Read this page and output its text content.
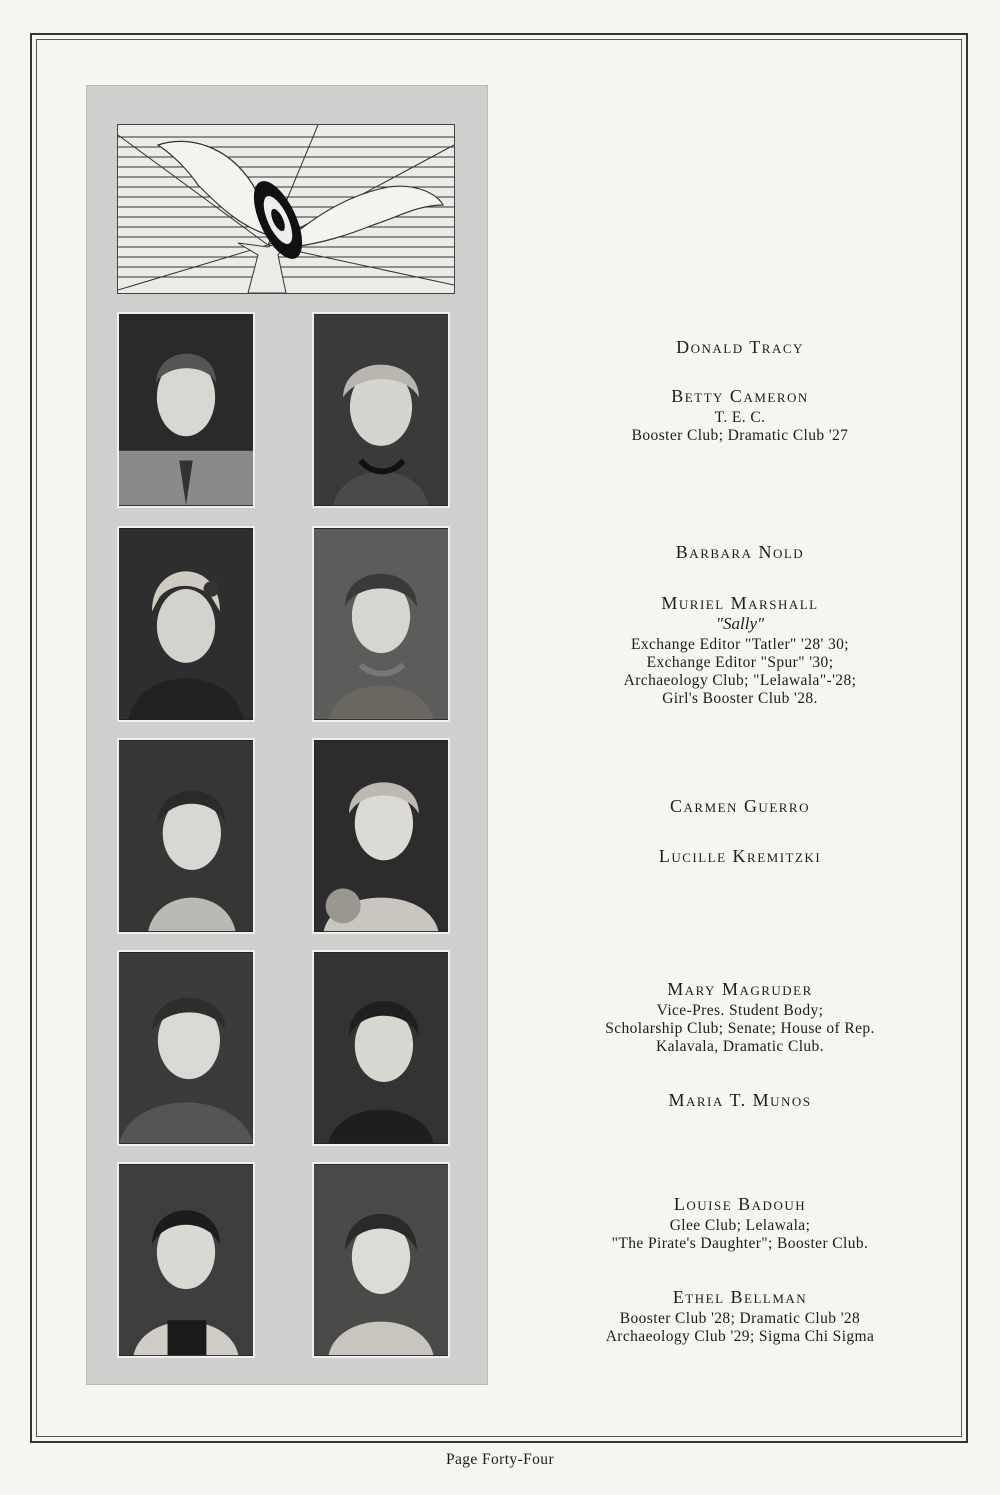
Donald Tracy
Betty Cameron
T. E. C.
Booster Club; Dramatic Club '27
Barbara Nold
Muriel Marshall
"Sally"
Exchange Editor "Tatler" '28' 30;
Exchange Editor "Spur" '30;
Archaeology Club; "Lelawala"-'28;
Girl's Booster Club '28.
Carmen Guerro
Lucille Kremitzki
Mary Magruder
Vice-Pres. Student Body;
Scholarship Club; Senate; House of Rep.
Kalavala, Dramatic Club.
Maria T. Munos
Louise Badouh
Glee Club; Lelawala;
"The Pirate's Daughter"; Booster Club.
Ethel Bellman
Booster Club '28; Dramatic Club '28
Archaeology Club '29; Sigma Chi Sigma
Page Forty-Four
